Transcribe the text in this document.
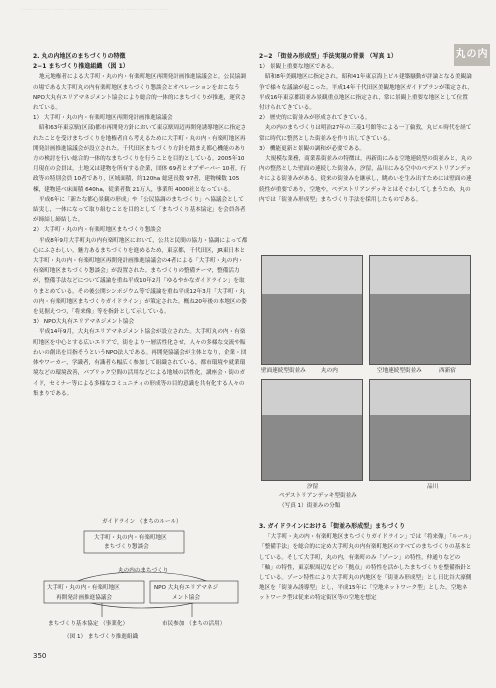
………… ……… ……… …………… ………… …………… ……… ………… ………
丸の内
2. 丸の内地区のまちづくりの特徴
2−1 まちづくり推進組織 （図 1）
地元地権者による大手町・丸の内・有楽町地区再開発計画推進協議会と，公民協調の場である大手町丸の内有楽町地区まちづくり懇談会とオペレーションをおこなうNPO大丸有エリアマネジメント協会により総合的一体的にまちづくりが推進，運営されている。
1） 大手町・丸の内・有楽町地区再開発計画推進協議会
昭和63年東京駅(区部)都市再開発方針において東京駅周辺再開発誘導地区に指定されたことを受けまちづくりを地権者自ら考えるために大手町・丸の内・有楽町地区再開発計画推進協議会が設立された。千代田区まちづくり方針を踏まえ都心機能のあり方の検討を行い総合的一体的なまちづくりを行うことを目的としている。2005年10月現在の会員は，土地又は建物を所有する企業，団体 69者とオブザーバー 10者，行政等の特別会員 10者であり，区域面積，約120ha 総延長数 97者，建物棟数 105棟，建物延べ床面積 640ha，従業者数 21万人，事業所 4000社となっている。
平成6年に「新たな都心景観の形成」や「公民協調のまちづくり」へ協議会として結実し，一体になって取り組むことを目的として「まちづくり基本協定」を会員各者が締結し締結した。
2） 大手町・丸の内・有楽町地区まちづくり懇談会
平成8年9月大手町丸の内有楽町地区において，公共と民間の協力・協調によって都心にふさわしい，魅力あるまちづくりを進めるため，東京都，千代田区，JR東日本と大手町・丸の内・有楽町地区再開発計画推進協議会の4者による「大手町・丸の内・有楽町地区まちづくり懇談会」が設置された。まちづくりの整備テーマ，整備活力が，整備手法などについて議論を重ね平成10年2月「ゆるやかなガイドライン」を取りまとめている。その後公開シンポジウム等で議論を重ね平成12年3月「大手町・丸の内・有楽町地区まちづくりガイドライン」が策定された。概ね20年後の本地区の姿を見据えつつ，「将来像」等を指針として示している。
3） NPO大丸有エリアマネジメント協会
平成14年9月，大丸有エリアマネジメント協会が設立された。大手町丸の内・有楽町地区を中心とする広いエリアで，街をより一層活性化させ，人々の多様な交流や賑わいの創出を目指そうというNPO法人である。再開発協議会が主体となり，企業・団体やワーカー，学識者，有識者ら幅広く参加して組織されている。都市環境や就業環境などの環境改善，パブリック空間の活用などによる地域の活性化，講座会・街のガイド，セミナー等による多様なコミュニティの形成等の目的意識を共有化する人々の集まりである。
ガイドライン （まちのルール）
大手町・丸の内・有楽町地区
まちづくり懇談会
丸の内のまちづくり
大手町・丸の内・有楽町地区
再開発計画推進協議会
NPO 大丸有エリアマネジ
メント協会
まちづくり基本協定 （事業化）	市民参加 （まちの活用）
（図 1） まちづくり推進組織
2−2 「街並み形成型」手法実現の背景 （写真 1）
1） 景観上重要な地区である。
昭和8年美観地区に指定され，昭和41年東京海上ビル建築騒動が評論となる美観論争で様々な議論が起こった。平成14年千代田区美観地地区ガイドプランが策定され，平成16年東京都街並み景観重点地区に指定され，常に景観上重要な地区として位置付けられてきている。
2） 歴史的に街並みが形成されてきている。
丸の内のまちづくりは明治27年の三菱1号館等による一丁倫敦，丸ビル時代を経て常に時代に整然とした街並みを作り出してきている。
3） 機能更新と景観の調和が必要である。
大規模な業務，商業系街並みの特徴は，再新街にみる空地連続型の街並みと，丸の内の整然とした壁面の連続した街並み，汐留，品川にみる空中のペデストリアンデッキによる街並みがある。従来の街並みを継承し，眺めいを生み出すためには壁面の連続性が重要であり，空地や，ペデストリアンデッキとはそぐわしてしまうため，丸の内では「街並み形成型」まちづくり手法を採用したものである。
壁面連続型街並み	丸の内	空地連続型街並み	西新宿
汐留	品川
ペデストリアンデッキ型街並み
（写真 1）街並みの分類
3. ガイドラインにおける「街並み形成型」まちづくり
「大手町・丸の内・有楽町地区まちづくりガイドライン」では「将来像」「ルール」「整備手法」を総合的に定め大手町丸の内有楽町地区のすべてのまちづくりの基本としている。そして大手町，丸の内，有楽町のみ「ゾーン」の特性，仲通りなどの「軸」の特性，東京駅周辺などの「拠点」の特性を活かしたまちづくりを整備指針としている。ゾーン特性により大手町丸の内地区を「街並み形成型」とし日比谷大濠側地区を「街並み誘導型」とし，平成15年に「空地ネットワーク型」とした。空地ネットワーク型は従来の特定街区等の空地を想定
350
